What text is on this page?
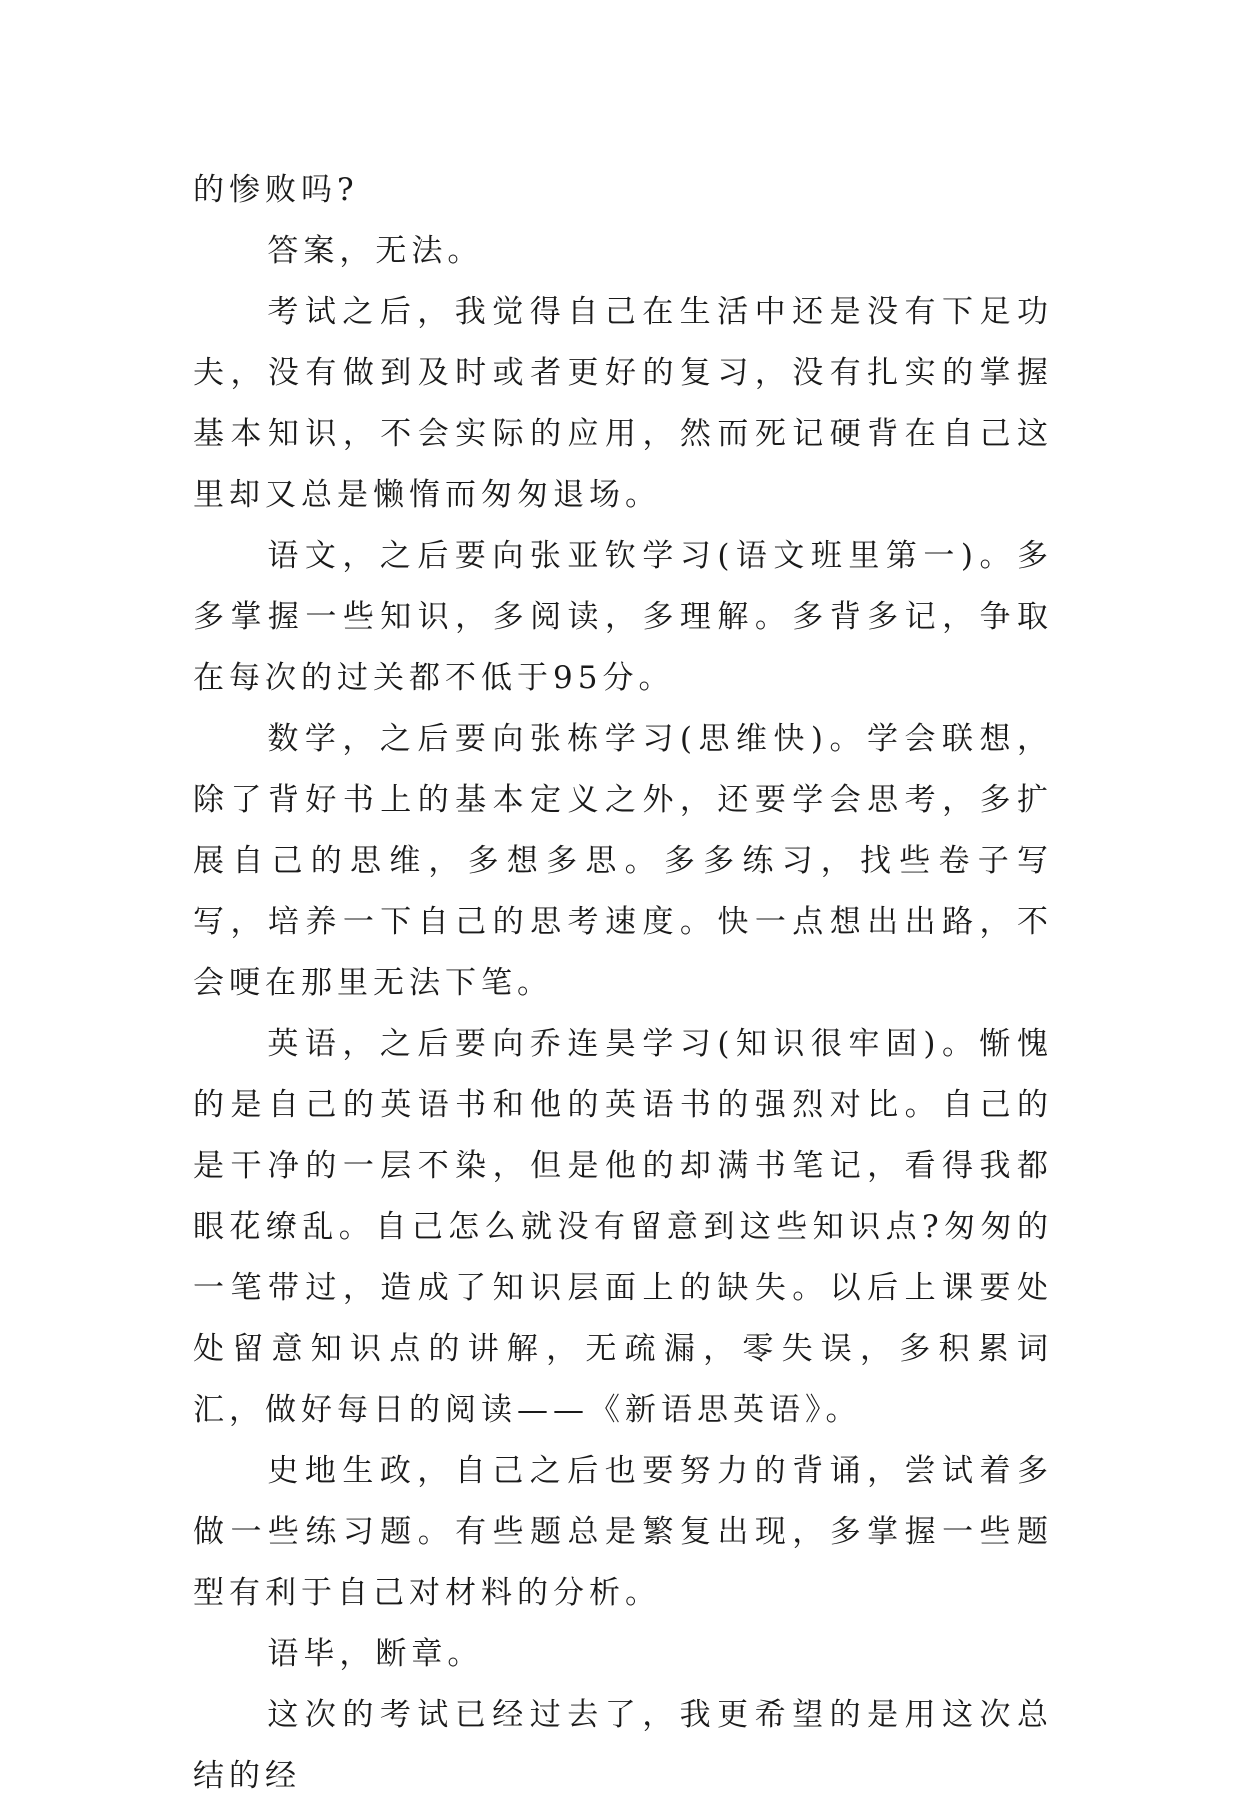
的惨败吗?

答案，无法。

考试之后，我觉得自己在生活中还是没有下足功夫，没有做到及时或者更好的复习，没有扎实的掌握基本知识，不会实际的应用，然而死记硬背在自己这里却又总是懒惰而匆匆退场。

语文，之后要向张亚钦学习(语文班里第一)。多多掌握一些知识，多阅读，多理解。多背多记，争取在每次的过关都不低于95分。

数学，之后要向张栋学习(思维快)。学会联想，除了背好书上的基本定义之外，还要学会思考，多扩展自己的思维，多想多思。多多练习，找些卷子写写，培养一下自己的思考速度。快一点想出出路，不会哽在那里无法下笔。

英语，之后要向乔连昊学习(知识很牢固)。惭愧的是自己的英语书和他的英语书的强烈对比。自己的是干净的一层不染，但是他的却满书笔记，看得我都眼花缭乱。自己怎么就没有留意到这些知识点?匆匆的一笔带过，造成了知识层面上的缺失。以后上课要处处留意知识点的讲解，无疏漏，零失误，多积累词汇，做好每日的阅读——《新语思英语》。

史地生政，自己之后也要努力的背诵，尝试着多做一些练习题。有些题总是繁复出现，多掌握一些题型有利于自己对材料的分析。

语毕，断章。

这次的考试已经过去了，我更希望的是用这次总结的经
